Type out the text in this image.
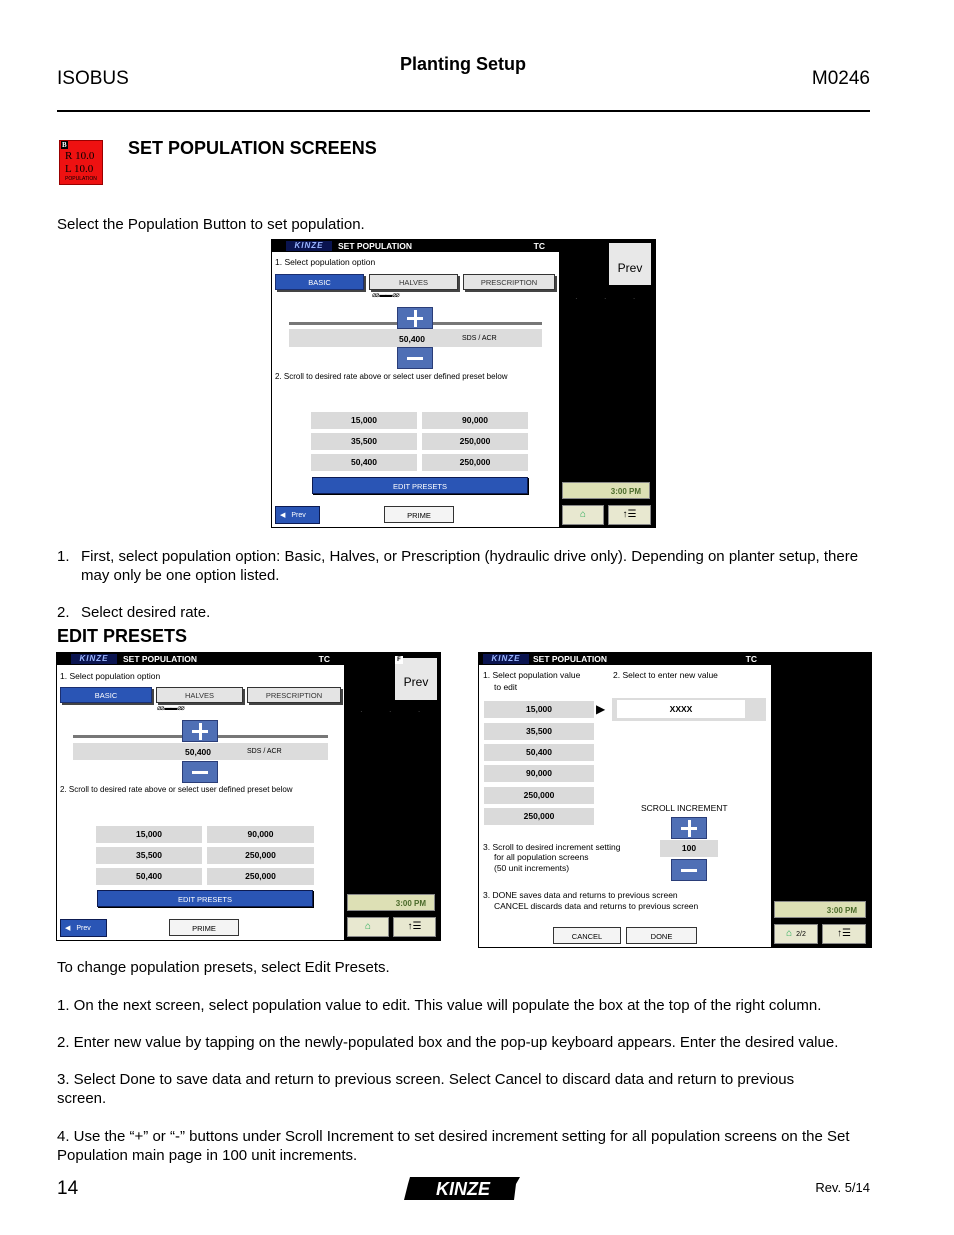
Planting Setup
ISOBUS	M0246
B
R 10.0
L 10.0
POPULATION
SET POPULATION SCREENS
Select the Population Button to set population.
KINZE	SET POPULATION	TC
1. Select population option
BASIC	HALVES	PRESCRIPTION
⌀⌀ ▬▬ ⌀⌀
50,400	SDS / ACR
2. Scroll to desired rate above or select user defined preset below
15,000	90,000
35,500	250,000
50,400	250,000
EDIT PRESETS
◀ Prev	PRIME
Prev
· · ·
3:00 PM
⌂	↑☰
1. First, select population option: Basic, Halves, or Prescription (hydraulic drive only). Depending on planter setup, there may only be one option listed.
2. Select desired rate.
EDIT PRESETS
KINZE	SET POPULATION	TC
1. Select population option
BASIC	HALVES	PRESCRIPTION
⌀⌀ ▬▬ ⌀⌀
50,400	SDS / ACR
2. Scroll to desired rate above or select user defined preset below
15,000	90,000
35,500	250,000
50,400	250,000
EDIT PRESETS
◀ Prev	PRIME
Prev
F
· · ·
3:00 PM
⌂	↑☰
KINZE	SET POPULATION	TC
1. Select population value
to edit
2. Select to enter new value
15,000
35,500
50,400
90,000
250,000
250,000
▶	XXXX
SCROLL INCREMENT
100
3. Scroll to desired increment setting
for all population screens
(50 unit increments)
3. DONE saves data and returns to previous screen
CANCEL discards data and returns to previous screen
CANCEL	DONE
3:00 PM
⌂ 2/2	↑☰
To change population presets, select Edit Presets.
1. On the next screen, select population value to edit. This value will populate the box at the top of the right column.
2. Enter new value by tapping on the newly-populated box and the pop-up keyboard appears. Enter the desired value.
3. Select Done to save data and return to previous screen. Select Cancel to discard data and return to previous screen.
4. Use the “+” or “-” buttons under Scroll Increment to set desired increment setting for all population screens on the Set Population main page in 100 unit increments.
14	KINZE	Rev. 5/14
